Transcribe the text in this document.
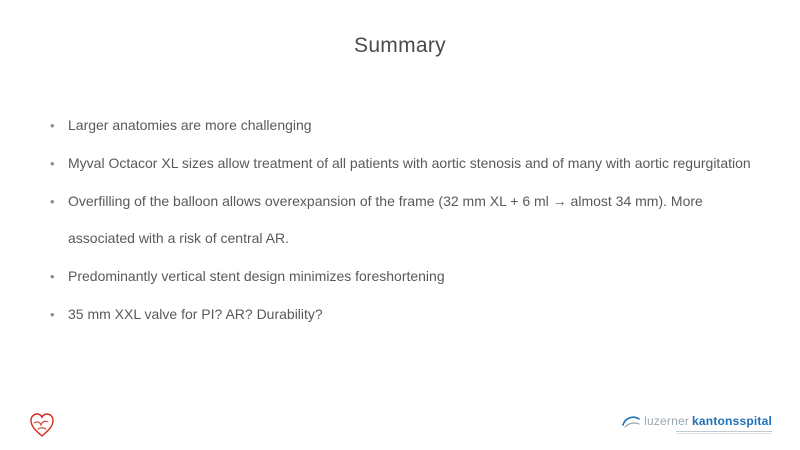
Summary
• Larger anatomies are more challenging
• Myval Octacor XL sizes allow treatment of all patients with aortic stenosis and of many with aortic regurgitation
• Overfilling of the balloon allows overexpansion of the frame (32 mm XL + 6 ml → almost 34 mm). More associated with a risk of central AR.
• Predominantly vertical stent design minimizes foreshortening
• 35 mm XXL valve for PI? AR? Durability?
luzerner kantonsspital
